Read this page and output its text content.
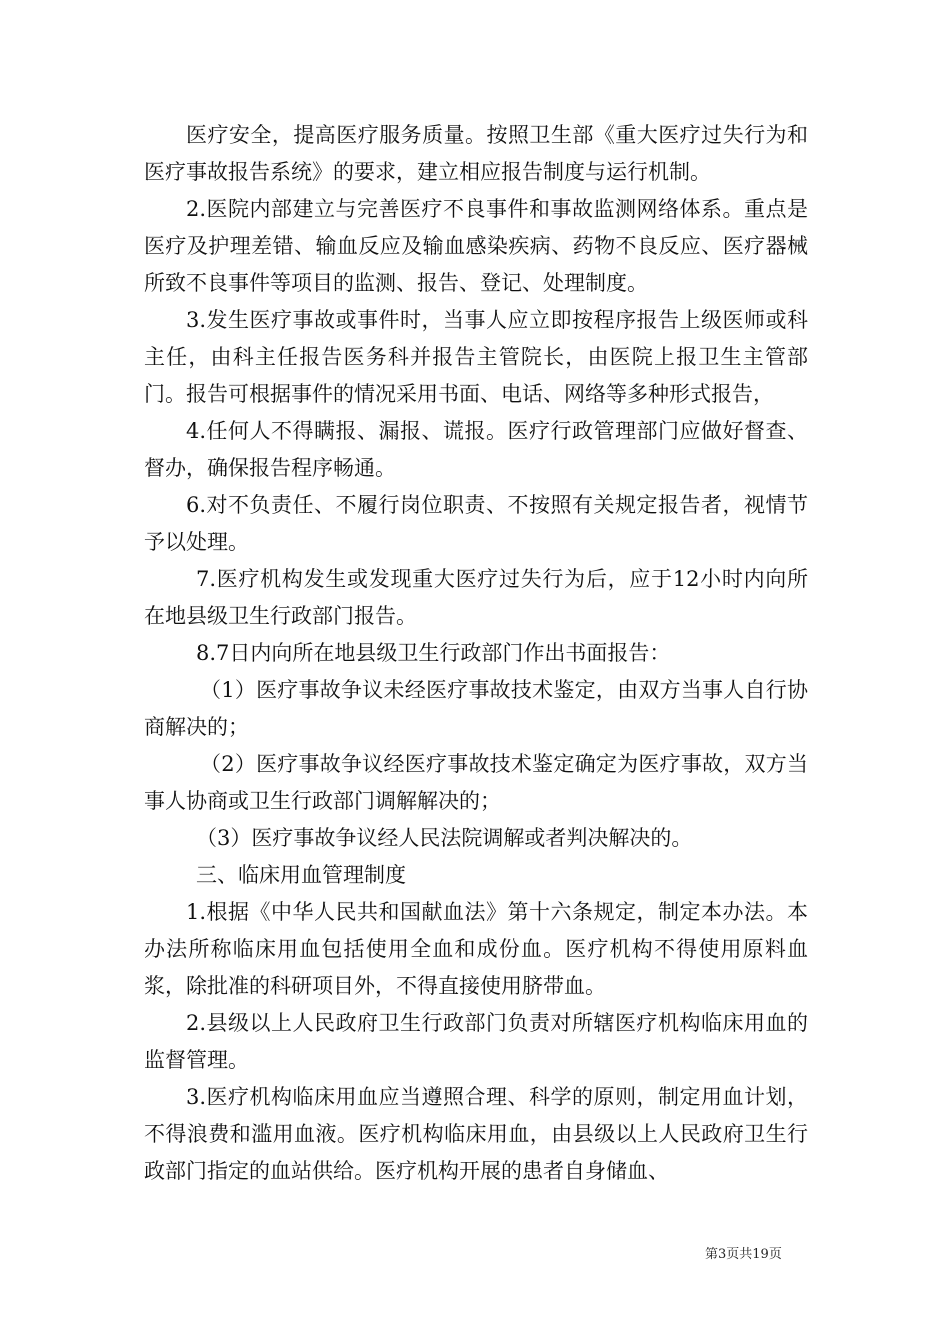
医疗安全，提高医疗服务质量。按照卫生部《重大医疗过失行为和医疗事故报告系统》的要求，建立相应报告制度与运行机制。

2.医院内部建立与完善医疗不良事件和事故监测网络体系。重点是医疗及护理差错、输血反应及输血感染疾病、药物不良反应、医疗器械所致不良事件等项目的监测、报告、登记、处理制度。

3.发生医疗事故或事件时，当事人应立即按程序报告上级医师或科主任，由科主任报告医务科并报告主管院长，由医院上报卫生主管部门。报告可根据事件的情况采用书面、电话、网络等多种形式报告，

4.任何人不得瞒报、漏报、谎报。医疗行政管理部门应做好督查、督办，确保报告程序畅通。

6.对不负责任、不履行岗位职责、不按照有关规定报告者，视情节予以处理。

7.医疗机构发生或发现重大医疗过失行为后，应于12小时内向所在地县级卫生行政部门报告。

8.7日内向所在地县级卫生行政部门作出书面报告：

（1）医疗事故争议未经医疗事故技术鉴定，由双方当事人自行协商解决的；

（2）医疗事故争议经医疗事故技术鉴定确定为医疗事故，双方当事人协商或卫生行政部门调解解决的；

（3）医疗事故争议经人民法院调解或者判决解决的。

三、临床用血管理制度

1.根据《中华人民共和国献血法》第十六条规定，制定本办法。本办法所称临床用血包括使用全血和成份血。医疗机构不得使用原料血浆，除批准的科研项目外，不得直接使用脐带血。

2.县级以上人民政府卫生行政部门负责对所辖医疗机构临床用血的监督管理。

3.医疗机构临床用血应当遵照合理、科学的原则，制定用血计划，不得浪费和滥用血液。医疗机构临床用血，由县级以上人民政府卫生行政部门指定的血站供给。医疗机构开展的患者自身储血、

第3页共19页
